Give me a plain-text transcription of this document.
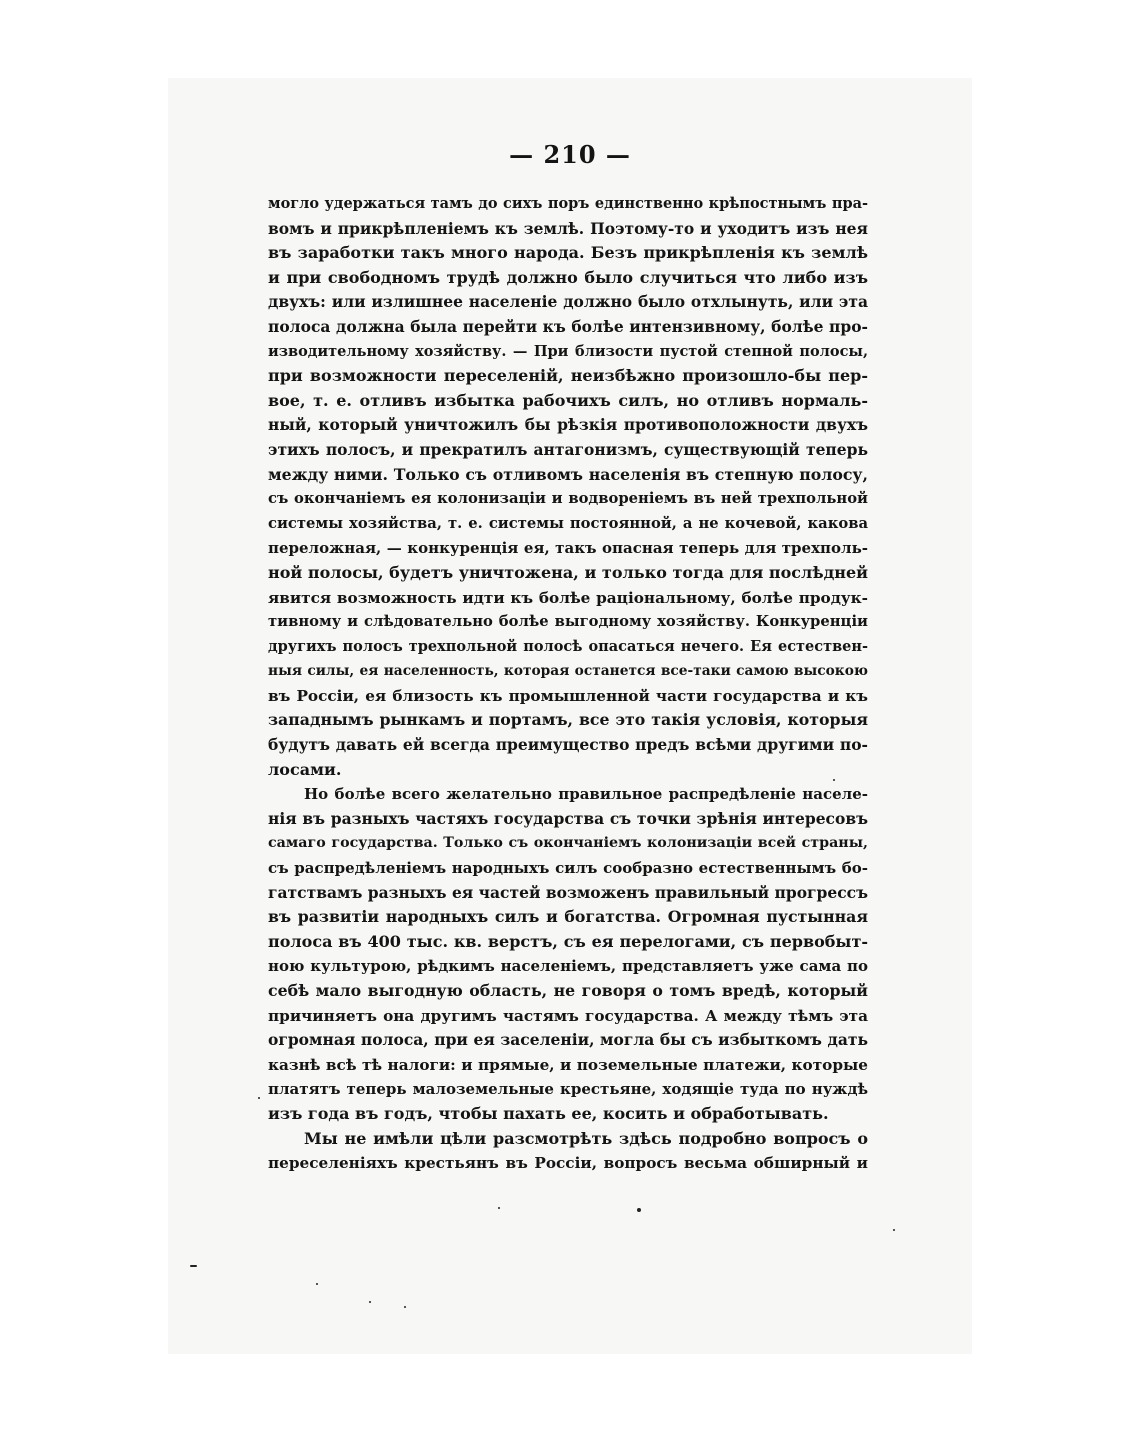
— 210 —
могло удержаться тамъ до сихъ поръ единственно крѣпостнымъ пра-
вомъ и прикрѣпленіемъ къ землѣ. Поэтому-то и уходитъ изъ нея
въ заработки такъ много народа. Безъ прикрѣпленія къ землѣ
и при свободномъ трудѣ должно было случиться что либо изъ
двухъ: или излишнее населеніе должно было отхлынуть, или эта
полоса должна была перейти къ болѣе интензивному, болѣе про-
изводительному хозяйству. — При близости пустой степной полосы,
при возможности переселеній, неизбѣжно произошло-бы пер-
вое, т. е. отливъ избытка рабочихъ силъ, но отливъ нормаль-
ный, который уничтожилъ бы рѣзкія противоположности двухъ
этихъ полосъ, и прекратилъ антагонизмъ, существующій теперь
между ними. Только съ отливомъ населенія въ степную полосу,
съ окончаніемъ ея колонизаціи и водвореніемъ въ ней трехпольной
системы хозяйства, т. е. системы постоянной, а не кочевой, какова
переложная, — конкуренція ея, такъ опасная теперь для трехполь-
ной полосы, будетъ уничтожена, и только тогда для послѣдней
явится возможность идти къ болѣе раціональному, болѣе продук-
тивному и слѣдовательно болѣе выгодному хозяйству. Конкуренціи
другихъ полосъ трехпольной полосѣ опасаться нечего. Ея естествен-
ныя силы, ея населенность, которая останется все-таки самою высокою
въ Россіи, ея близость къ промышленной части государства и къ
западнымъ рынкамъ и портамъ, все это такія условія, которыя
будутъ давать ей всегда преимущество предъ всѣми другими по-
лосами.
Но болѣе всего желательно правильное распредѣленіе населе-
нія въ разныхъ частяхъ государства съ точки зрѣнія интересовъ
самаго государства. Только съ окончаніемъ колонизаціи всей страны,
съ распредѣленіемъ народныхъ силъ сообразно естественнымъ бо-
гатствамъ разныхъ ея частей возможенъ правильный прогрессъ
въ развитіи народныхъ силъ и богатства. Огромная пустынная
полоса въ 400 тыс. кв. верстъ, съ ея перелогами, съ первобыт-
ною культурою, рѣдкимъ населеніемъ, представляетъ уже сама по
себѣ мало выгодную область, не говоря о томъ вредѣ, который
причиняетъ она другимъ частямъ государства. А между тѣмъ эта
огромная полоса, при ея заселеніи, могла бы съ избыткомъ дать
казнѣ всѣ тѣ налоги: и прямые, и поземельные платежи, которые
платятъ теперь малоземельные крестьяне, ходящіе туда по нуждѣ
изъ года въ годъ, чтобы пахать ее, косить и обработывать.
Мы не имѣли цѣли разсмотрѣть здѣсь подробно вопросъ о
переселеніяхъ крестьянъ въ Россіи, вопросъ весьма обширный и
